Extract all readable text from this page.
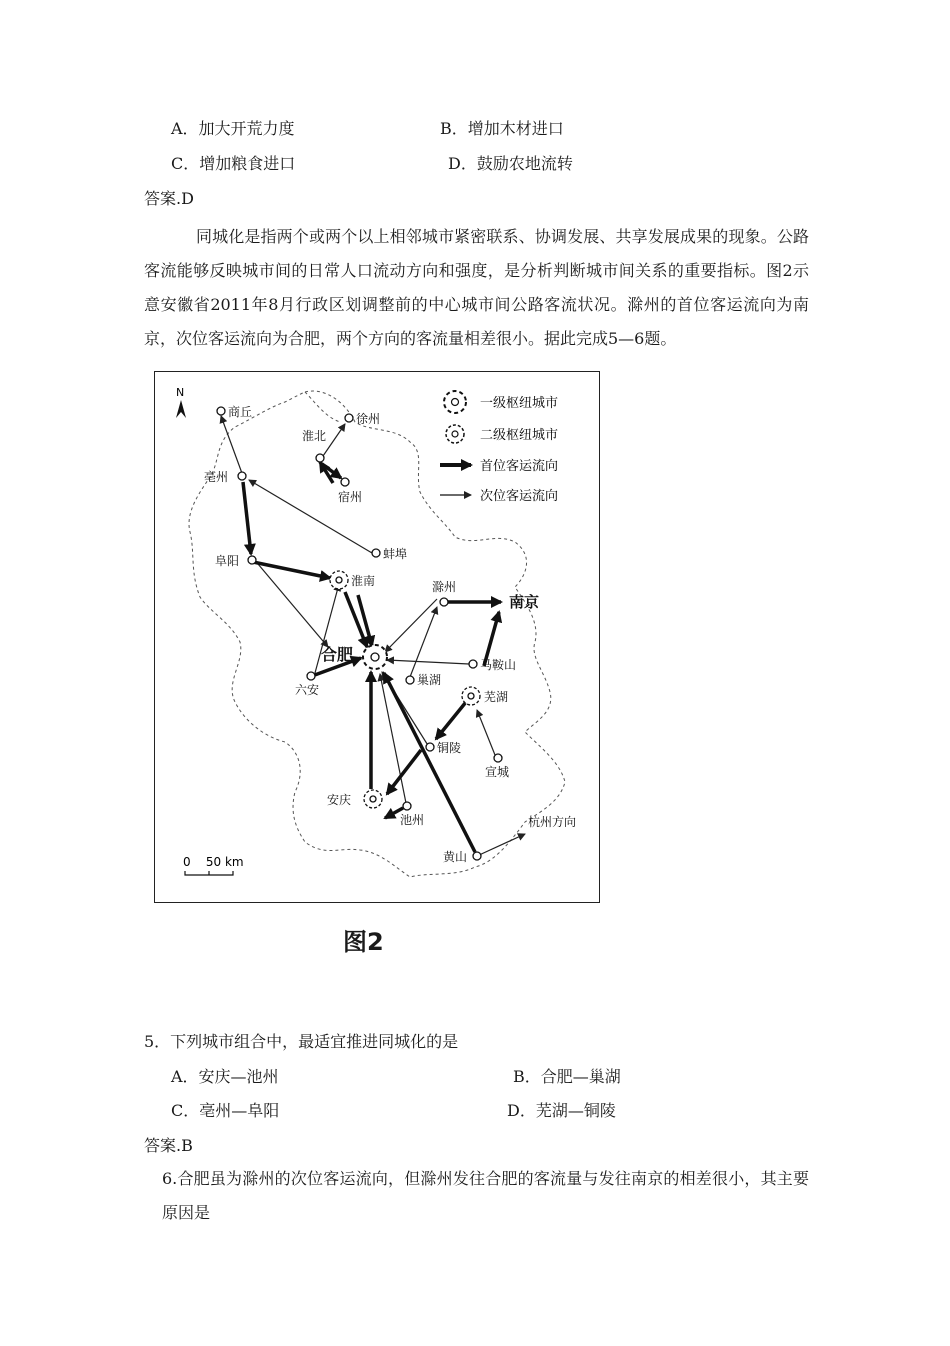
A．加大开荒力度	B．增加木材进口
C．增加粮食进口	D．鼓励农地流转
答案.D
同城化是指两个或两个以上相邻城市紧密联系、协调发展、共享发展成果的现象。公路客流能够反映城市间的日常人口流动方向和强度，是分析判断城市间关系的重要指标。图2示意安徽省2011年8月行政区划调整前的中心城市间公路客流状况。滁州的首位客运流向为南京，次位客运流向为合肥，两个方向的客流量相差很小。据此完成5—6题。
N
一级枢纽城市
二级枢纽城市
首位客运流向
次位客运流向
商丘	徐州
淮北
宿州
亳州
蚌埠
阜阳
淮南	滁州
南京
合肥
六安
巢湖
马鞍山
芜湖
铜陵
宣城
安庆
池州
黄山
杭州方向
0    50 km
图2
5．下列城市组合中，最适宜推进同城化的是
A．安庆—池州	B．合肥—巢湖
C．亳州—阜阳	D．芜湖—铜陵
答案.B
6.合肥虽为滁州的次位客运流向，但滁州发往合肥的客流量与发往南京的相差很小，其主要原因是
